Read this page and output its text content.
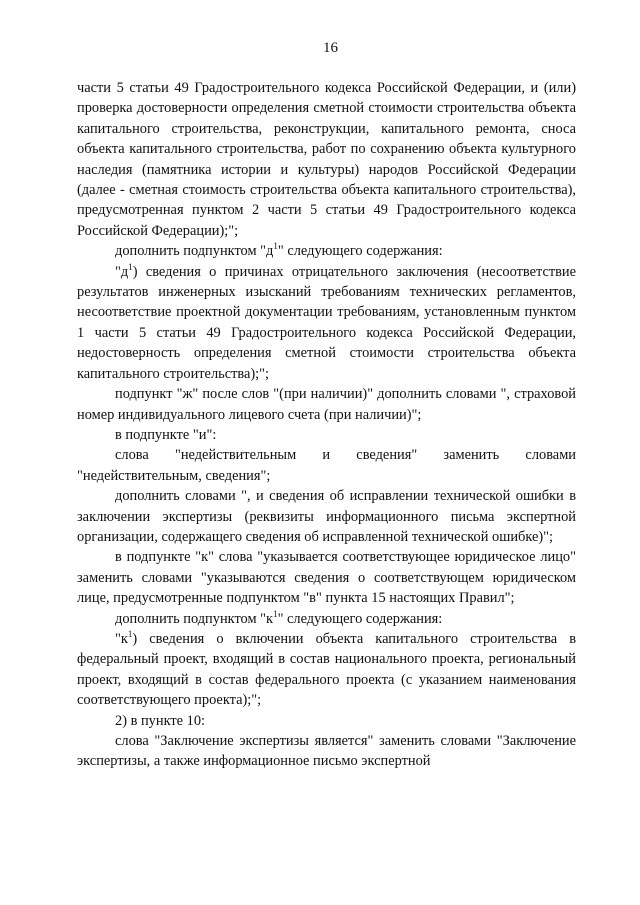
16

части 5 статьи 49 Градостроительного кодекса Российской Федерации, и (или) проверка достоверности определения сметной стоимости строительства объекта капитального строительства, реконструкции, капитального ремонта, сноса объекта капитального строительства, работ по сохранению объекта культурного наследия (памятника истории и культуры) народов Российской Федерации (далее - сметная стоимость строительства объекта капитального строительства), предусмотренная пунктом 2 части 5 статьи 49 Градостроительного кодекса Российской Федерации);";

дополнить подпунктом "$д^1$" следующего содержания:

"$д^1$) сведения о причинах отрицательного заключения (несоответствие результатов инженерных изысканий требованиям технических регламентов, несоответствие проектной документации требованиям, установленным пунктом 1 части 5 статьи 49 Градостроительного кодекса Российской Федерации, недостоверность определения сметной стоимости строительства объекта капитального строительства);";

подпункт "ж" после слов "(при наличии)" дополнить словами ", страховой номер индивидуального лицевого счета (при наличии)";

в подпункте "и":

слова "недействительным и сведения" заменить словами "недействительным, сведения";

дополнить словами ", и сведения об исправлении технической ошибки в заключении экспертизы (реквизиты информационного письма экспертной организации, содержащего сведения об исправленной технической ошибке)";

в подпункте "к" слова "указывается соответствующее юридическое лицо" заменить словами "указываются сведения о соответствующем юридическом лице, предусмотренные подпунктом "в" пункта 15 настоящих Правил";

дополнить подпунктом "$к^1$" следующего содержания:

"$к^1$) сведения о включении объекта капитального строительства в федеральный проект, входящий в состав национального проекта, региональный проект, входящий в состав федерального проекта (с указанием наименования соответствующего проекта);";

2) в пункте 10:

слова "Заключение экспертизы является" заменить словами "Заключение экспертизы, а также информационное письмо экспертной
